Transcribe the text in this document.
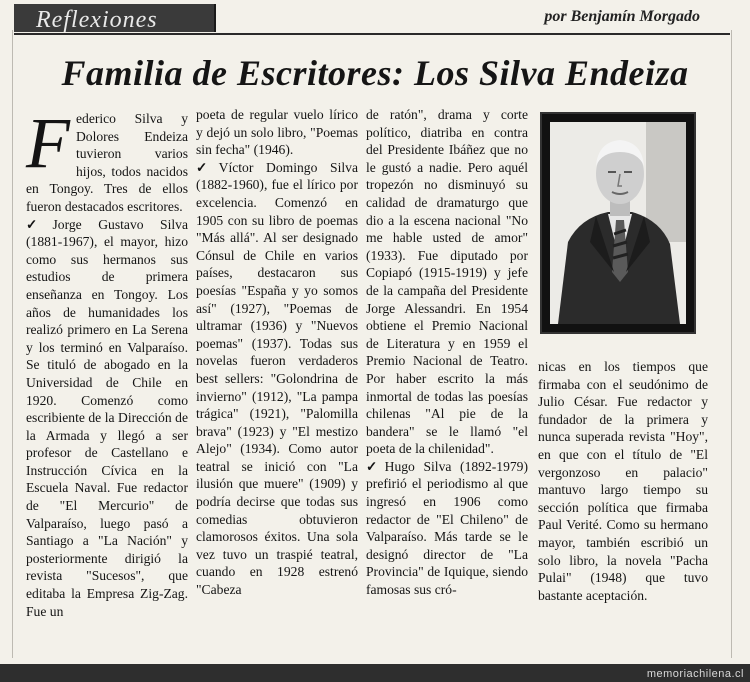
Reflexiones	por Benjamín Morgado
Familia de Escritores: Los Silva Endeiza

Federico Silva y Dolores Endeiza tuvieron varios hijos, todos nacidos en Tongoy. Tres de ellos fueron destacados escritores.

✓ Jorge Gustavo Silva (1881-1967), el mayor, hizo como sus hermanos sus estudios de primera enseñanza en Tongoy. Los años de humanidades los realizó primero en La Serena y los terminó en Valparaíso. Se tituló de abogado en la Universidad de Chile en 1920. Comenzó como escribiente de la Dirección de la Armada y llegó a ser profesor de Castellano e Instrucción Cívica en la Escuela Naval. Fue redactor de "El Mercurio" de Valparaíso, luego pasó a Santiago a "La Nación" y posteriormente dirigió la revista "Sucesos", que editaba la Empresa Zig-Zag. Fue un

poeta de regular vuelo lírico y dejó un solo libro, "Poemas sin fecha" (1946).

✓ Víctor Domingo Silva (1882-1960), fue el lírico por excelencia. Comenzó en 1905 con su libro de poemas "Más allá". Al ser designado Cónsul de Chile en varios países, destacaron sus poesías "España y yo somos así" (1927), "Poemas de ultramar (1936) y "Nuevos poemas" (1937). Todas sus novelas fueron verdaderos best sellers: "Golondrina de invierno" (1912), "La pampa trágica" (1921), "Palomilla brava" (1923) y "El mestizo Alejo" (1934). Como autor teatral se inició con "La ilusión que muere" (1909) y podría decirse que todas sus comedias obtuvieron clamorosos éxitos. Una sola vez tuvo un traspié teatral, cuando en 1928 estrenó "Cabeza

de ratón", drama y corte político, diatriba en contra del Presidente Ibáñez que no le gustó a nadie. Pero aquél tropezón no disminuyó su calidad de dramaturgo que dio a la escena nacional "No me hable usted de amor" (1933). Fue diputado por Copiapó (1915-1919) y jefe de la campaña del Presidente Jorge Alessandri. En 1954 obtiene el Premio Nacional de Literatura y en 1959 el Premio Nacional de Teatro. Por haber escrito la más inmortal de todas las poesías chilenas "Al pie de la bandera" se le llamó "el poeta de la chilenidad".

✓ Hugo Silva (1892-1979) prefirió el periodismo al que ingresó en 1906 como redactor de "El Chileno" de Valparaíso. Más tarde se le designó director de "La Provincia" de Iquique, siendo famosas sus cró-

nicas en los tiempos que firmaba con el seudónimo de Julio César. Fue redactor y fundador de la primera y nunca superada revista "Hoy", en que con el título de "El vergonzoso en palacio" mantuvo largo tiempo su sección política que firmaba Paul Verité. Como su hermano mayor, también escribió un solo libro, la novela "Pacha Pulai" (1948) que tuvo bastante aceptación.

memoriachilena.cl
